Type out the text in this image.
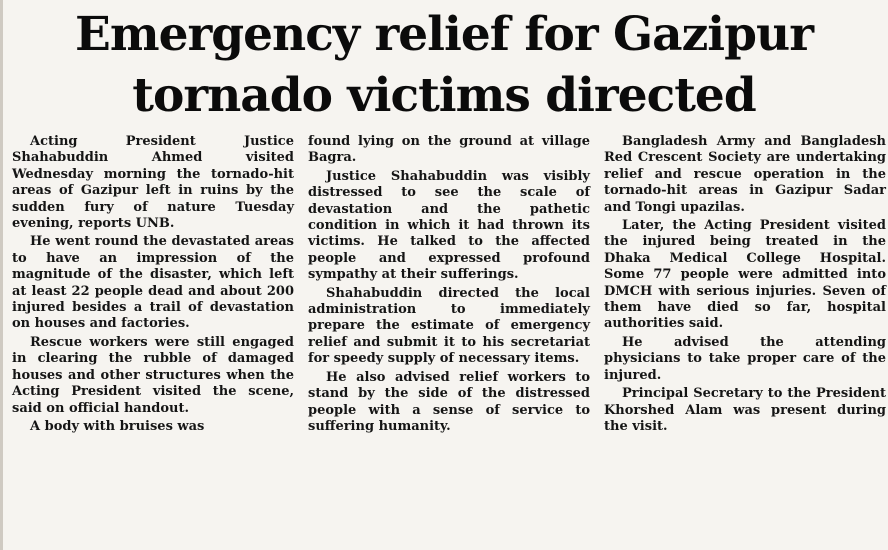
Emergency relief for Gazipur
tornado victims directed

Acting President Justice Shahabuddin Ahmed visited Wednesday morning the tornado-hit areas of Gazipur left in ruins by the sudden fury of nature Tuesday evening, reports UNB.

He went round the devastated areas to have an impression of the magnitude of the disaster, which left at least 22 people dead and about 200 injured besides a trail of devastation on houses and factories.

Rescue workers were still engaged in clearing the rubble of damaged houses and other structures when the Acting President visited the scene, said on official handout.

A body with bruises was

found lying on the ground at village Bagra.

Justice Shahabuddin was visibly distressed to see the scale of devastation and the pathetic condition in which it had thrown its victims. He talked to the affected people and expressed profound sympathy at their sufferings.

Shahabuddin directed the local administration to immediately prepare the estimate of emergency relief and submit it to his secretariat for speedy supply of necessary items.

He also advised relief workers to stand by the side of the distressed people with a sense of service to suffering humanity.

Bangladesh Army and Bangladesh Red Crescent Society are undertaking relief and rescue operation in the tornado-hit areas in Gazipur Sadar and Tongi upazilas.

Later, the Acting President visited the injured being treated in the Dhaka Medical College Hospital. Some 77 people were admitted into DMCH with serious injuries. Seven of them have died so far, hospital authorities said.

He advised the attending physicians to take proper care of the injured.

Principal Secretary to the President Khorshed Alam was present during the visit.
